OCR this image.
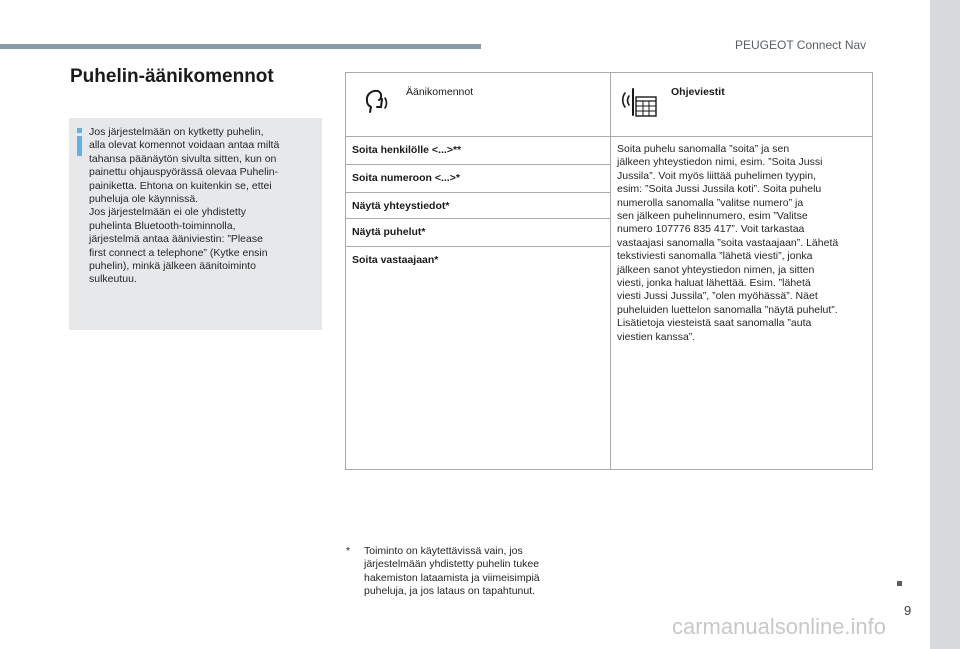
PEUGEOT Connect Nav
Puhelin-äänikomennot
Jos järjestelmään on kytketty puhelin,
alla olevat komennot voidaan antaa miltä
tahansa päänäytön sivulta sitten, kun on
painettu ohjauspyörässä olevaa Puhelin-
painiketta. Ehtona on kuitenkin se, ettei
puheluja ole käynnissä.
Jos järjestelmään ei ole yhdistetty
puhelinta Bluetooth-toiminnolla,
järjestelmä antaa ääniviestin: ”Please
first connect a telephone” (Kytke ensin
puhelin), minkä jälkeen äänitoiminto
sulkeutuu.
Äänikomennot	Ohjeviestit
Soita henkilölle <...>**
Soita numeroon <...>*
Näytä yhteystiedot*
Näytä puhelut*
Soita vastaajaan*
Soita puhelu sanomalla ”soita” ja sen
jälkeen yhteystiedon nimi, esim. ”Soita Jussi
Jussila”. Voit myös liittää puhelimen tyypin,
esim: ”Soita Jussi Jussila koti”. Soita puhelu
numerolla sanomalla ”valitse numero” ja
sen jälkeen puhelinnumero, esim ”Valitse
numero 107776 835 417”. Voit tarkastaa
vastaajasi sanomalla ”soita vastaajaan”. Lähetä
tekstiviesti sanomalla ”lähetä viesti”, jonka
jälkeen sanot yhteystiedon nimen, ja sitten
viesti, jonka haluat lähettää. Esim. ”lähetä
viesti Jussi Jussila”, ”olen myöhässä”. Näet
puheluiden luettelon sanomalla ”näytä puhelut”.
Lisätietoja viesteistä saat sanomalla ”auta
viestien kanssa”.
* Toiminto on käytettävissä vain, jos
järjestelmään yhdistetty puhelin tukee
hakemiston lataamista ja viimeisimpiä
puheluja, ja jos lataus on tapahtunut.
9
carmanualsonline.info
